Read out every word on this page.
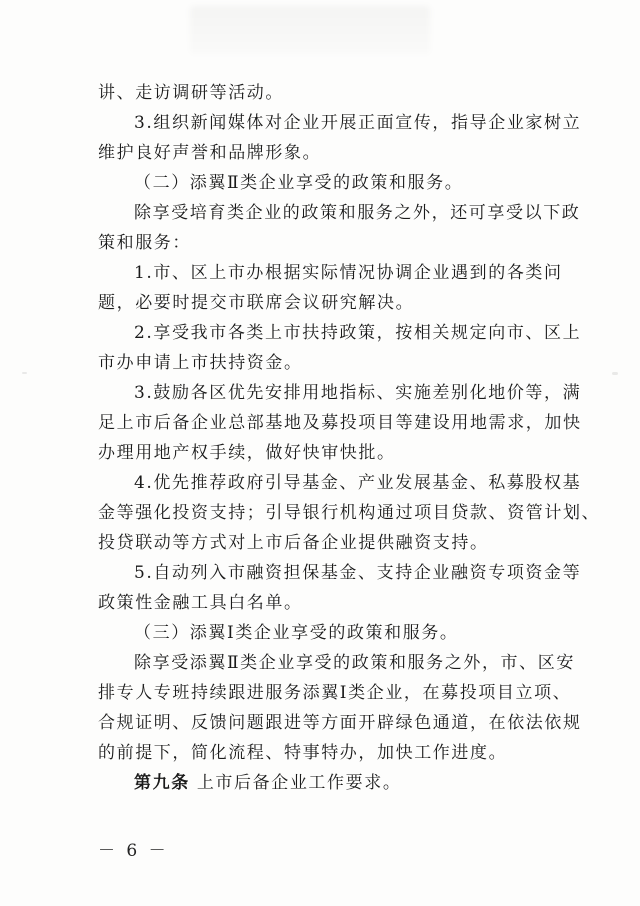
讲、走访调研等活动。
3.组织新闻媒体对企业开展正面宣传，指导企业家树立
维护良好声誉和品牌形象。
（二）添翼Ⅱ类企业享受的政策和服务。
除享受培育类企业的政策和服务之外，还可享受以下政
策和服务：
1.市、区上市办根据实际情况协调企业遇到的各类问
题，必要时提交市联席会议研究解决。
2.享受我市各类上市扶持政策，按相关规定向市、区上
市办申请上市扶持资金。
3.鼓励各区优先安排用地指标、实施差别化地价等，满
足上市后备企业总部基地及募投项目等建设用地需求，加快
办理用地产权手续，做好快审快批。
4.优先推荐政府引导基金、产业发展基金、私募股权基
金等强化投资支持；引导银行机构通过项目贷款、资管计划、
投贷联动等方式对上市后备企业提供融资支持。
5.自动列入市融资担保基金、支持企业融资专项资金等
政策性金融工具白名单。
（三）添翼Ⅰ类企业享受的政策和服务。
除享受添翼Ⅱ类企业享受的政策和服务之外，市、区安
排专人专班持续跟进服务添翼Ⅰ类企业，在募投项目立项、
合规证明、反馈问题跟进等方面开辟绿色通道，在依法依规
的前提下，简化流程、特事特办，加快工作进度。
第九条 上市后备企业工作要求。
－ 6 －
